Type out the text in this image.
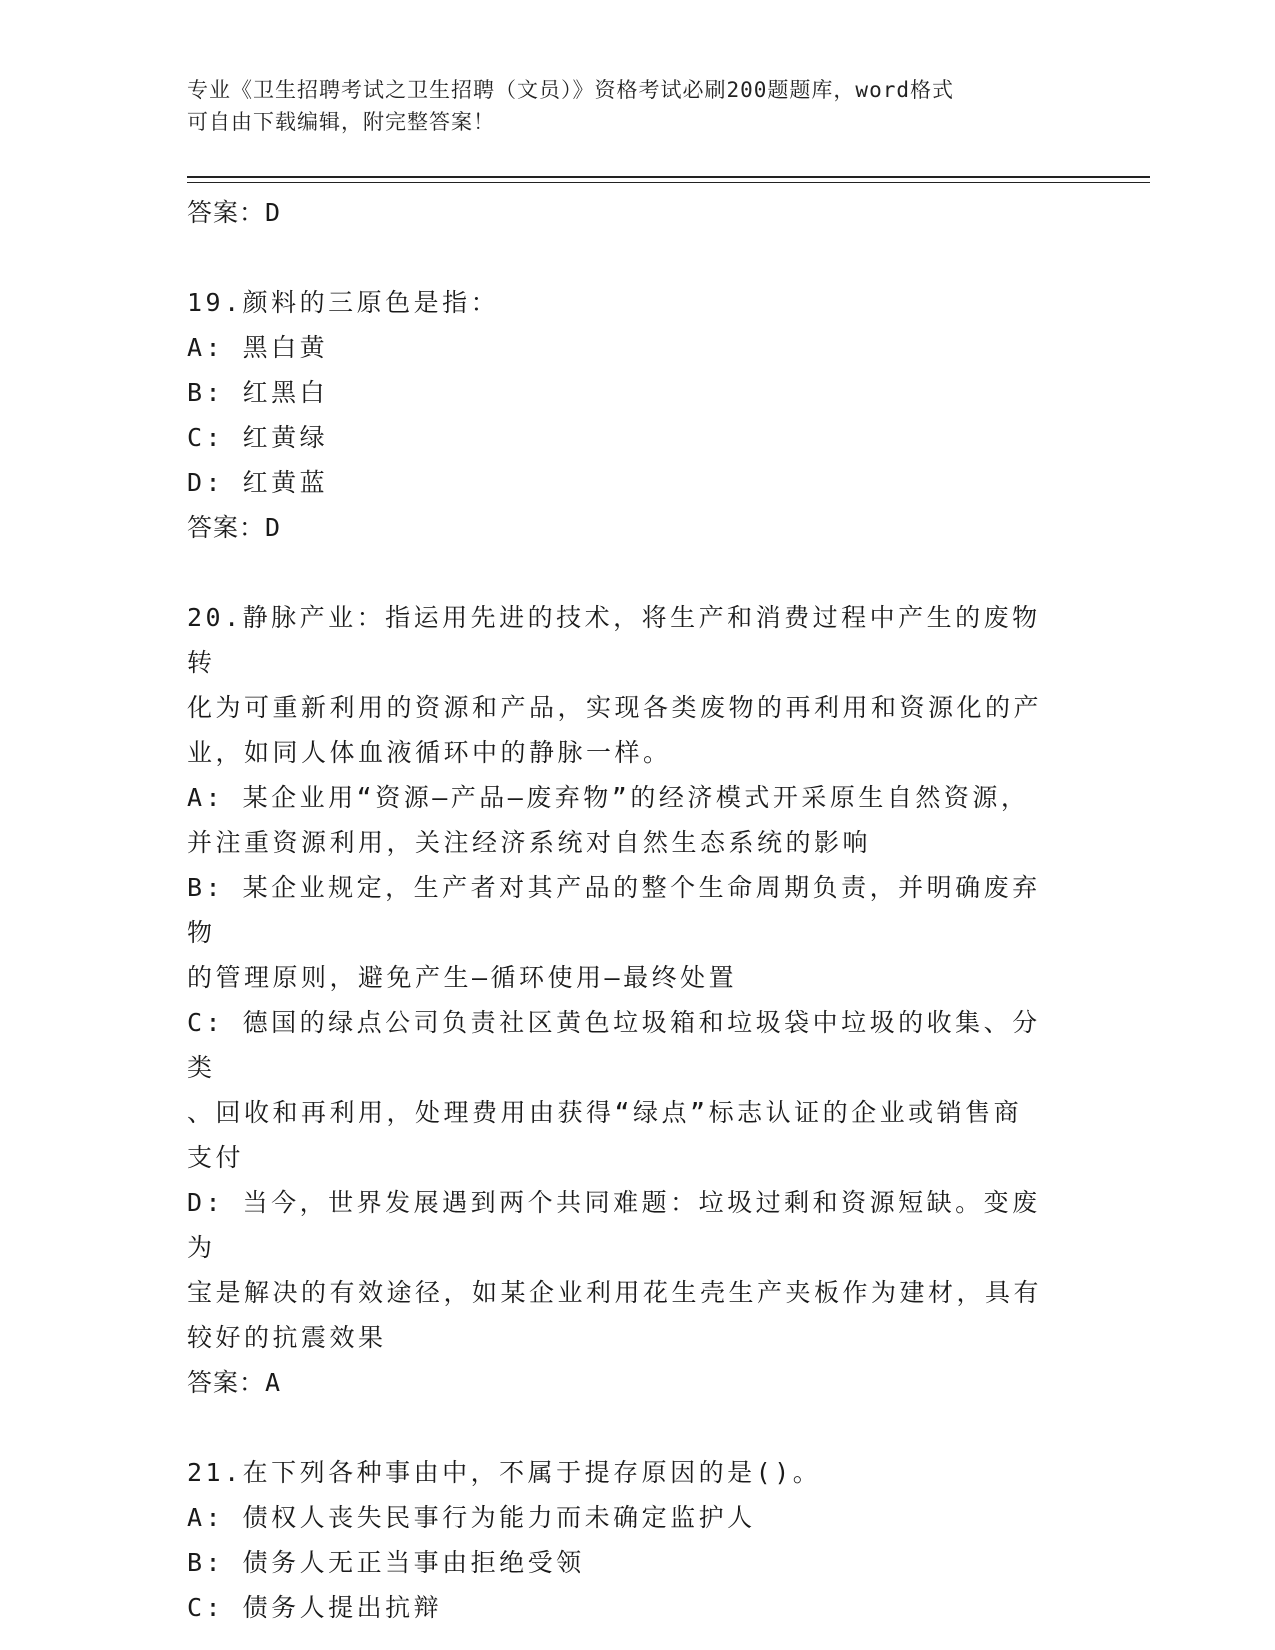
专业《卫生招聘考试之卫生招聘（文员）》资格考试必刷200题题库，word格式
可自由下载编辑，附完整答案！
答案：D
19.颜料的三原色是指：
A: 黑白黄
B: 红黑白
C: 红黄绿
D: 红黄蓝
答案：D
20.静脉产业：指运用先进的技术，将生产和消费过程中产生的废物转
化为可重新利用的资源和产品，实现各类废物的再利用和资源化的产
业，如同人体血液循环中的静脉一样。
A: 某企业用“资源—产品—废弃物”的经济模式开采原生自然资源，
并注重资源利用，关注经济系统对自然生态系统的影响
B: 某企业规定，生产者对其产品的整个生命周期负责，并明确废弃物
的管理原则，避免产生—循环使用—最终处置
C: 德国的绿点公司负责社区黄色垃圾箱和垃圾袋中垃圾的收集、分类
、回收和再利用，处理费用由获得“绿点”标志认证的企业或销售商
支付
D: 当今，世界发展遇到两个共同难题：垃圾过剩和资源短缺。变废为
宝是解决的有效途径，如某企业利用花生壳生产夹板作为建材，具有
较好的抗震效果
答案：A
21.在下列各种事由中，不属于提存原因的是()。
A: 债权人丧失民事行为能力而未确定监护人
B: 债务人无正当事由拒绝受领
C: 债务人提出抗辩
